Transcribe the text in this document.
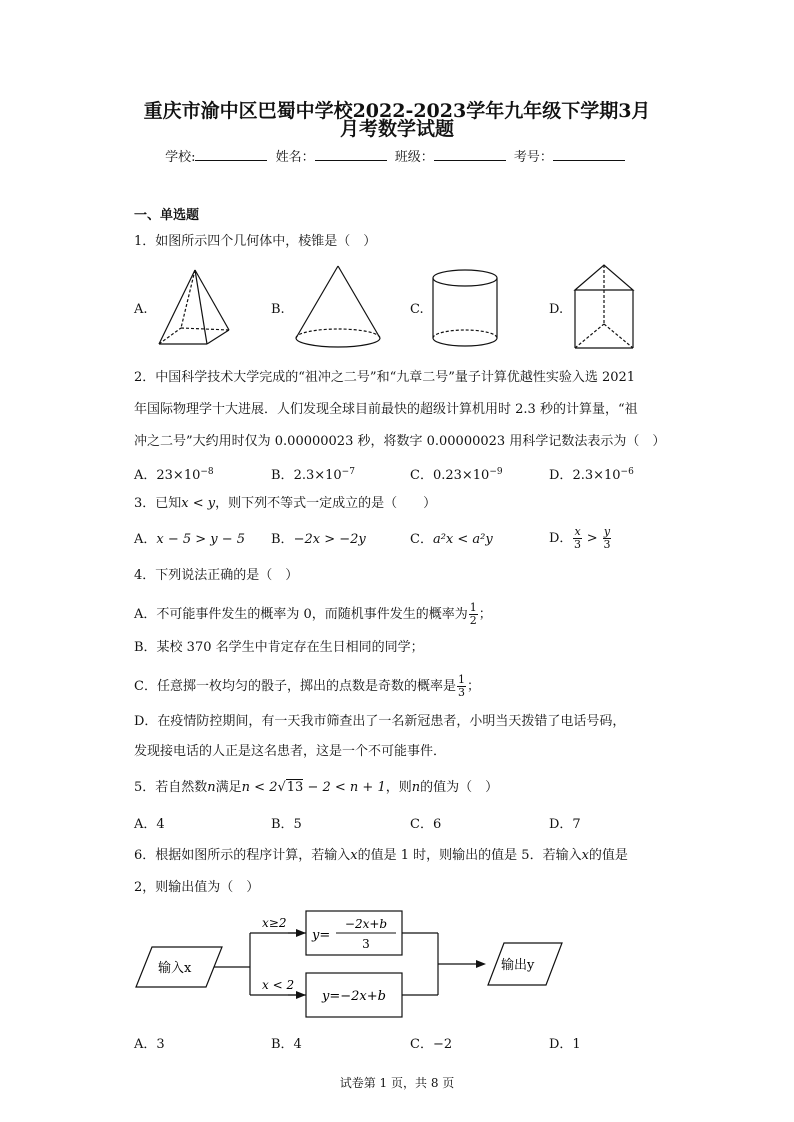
重庆市渝中区巴蜀中学校2022-2023学年九年级下学期3月
月考数学试题
学校:	姓名：	班级：	考号：
一、单选题
1．如图所示四个几何体中，棱锥是（　）
A.	B.	C.	D.
2．中国科学技术大学完成的“祖冲之二号”和“九章二号”量子计算优越性实验入选 2021
年国际物理学十大进展．人们发现全球目前最快的超级计算机用时 2.3 秒的计算量，“祖
冲之二号”大约用时仅为 0.00000023 秒，将数字 0.00000023 用科学记数法表示为（　）
A．$23\times 10^{-8}$	B．$2.3\times 10^{-7}$	C．$0.23\times 10^{-9}$	D．$2.3\times 10^{-6}$
3．已知x < y，则下列不等式一定成立的是（　　）
A．x − 5 > y − 5 B．−2x > −2y	C．a²x < a²y	D． $\frac{x}{3} > \frac{y}{3}$
4．下列说法正确的是（　）
A．不可能事件发生的概率为 0，而随机事件发生的概率为 $\frac{1}{2}$ ；
B．某校 370 名学生中肯定存在生日相同的同学；
C．任意掷一枚均匀的骰子，掷出的点数是奇数的概率是 $\frac{1}{3}$ ；
D．在疫情防控期间，有一天我市筛查出了一名新冠患者，小明当天拨错了电话号码，
发现接电话的人正是这名患者，这是一个不可能事件．
5．若自然数n满足n < 2√13 − 2 < n + 1，则n的值为（　）
A．4	B．5	C．6	D．7
6．根据如图所示的程序计算，若输入x的值是 1 时，则输出的值是 5．若输入x的值是
2，则输出值为（　）
输入x	输出y
x≥2
x < 2
y=
−2x+b
3
y=−2x+b
A．3	B．4	C．−2	D．1
试卷第 1 页，共 8 页
